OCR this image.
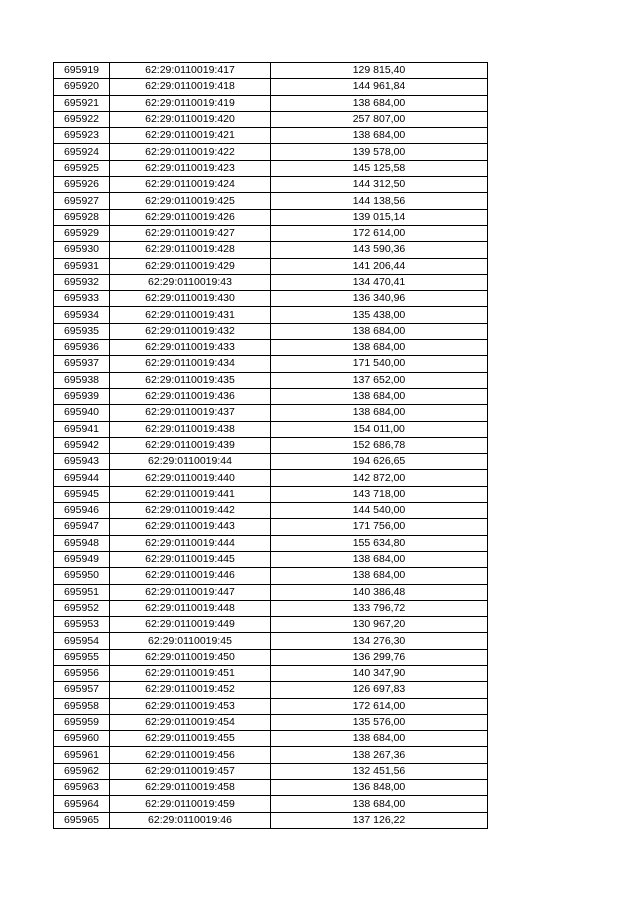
695919	62:29:0110019:417	129 815,40
695920	62:29:0110019:418	144 961,84
695921	62:29:0110019:419	138 684,00
695922	62:29:0110019:420	257 807,00
695923	62:29:0110019:421	138 684,00
695924	62:29:0110019:422	139 578,00
695925	62:29:0110019:423	145 125,58
695926	62:29:0110019:424	144 312,50
695927	62:29:0110019:425	144 138,56
695928	62:29:0110019:426	139 015,14
695929	62:29:0110019:427	172 614,00
695930	62:29:0110019:428	143 590,36
695931	62:29:0110019:429	141 206,44
695932	62:29:0110019:43	134 470,41
695933	62:29:0110019:430	136 340,96
695934	62:29:0110019:431	135 438,00
695935	62:29:0110019:432	138 684,00
695936	62:29:0110019:433	138 684,00
695937	62:29:0110019:434	171 540,00
695938	62:29:0110019:435	137 652,00
695939	62:29:0110019:436	138 684,00
695940	62:29:0110019:437	138 684,00
695941	62:29:0110019:438	154 011,00
695942	62:29:0110019:439	152 686,78
695943	62:29:0110019:44	194 626,65
695944	62:29:0110019:440	142 872,00
695945	62:29:0110019:441	143 718,00
695946	62:29:0110019:442	144 540,00
695947	62:29:0110019:443	171 756,00
695948	62:29:0110019:444	155 634,80
695949	62:29:0110019:445	138 684,00
695950	62:29:0110019:446	138 684,00
695951	62:29:0110019:447	140 386,48
695952	62:29:0110019:448	133 796,72
695953	62:29:0110019:449	130 967,20
695954	62:29:0110019:45	134 276,30
695955	62:29:0110019:450	136 299,76
695956	62:29:0110019:451	140 347,90
695957	62:29:0110019:452	126 697,83
695958	62:29:0110019:453	172 614,00
695959	62:29:0110019:454	135 576,00
695960	62:29:0110019:455	138 684,00
695961	62:29:0110019:456	138 267,36
695962	62:29:0110019:457	132 451,56
695963	62:29:0110019:458	136 848,00
695964	62:29:0110019:459	138 684,00
695965	62:29:0110019:46	137 126,22
